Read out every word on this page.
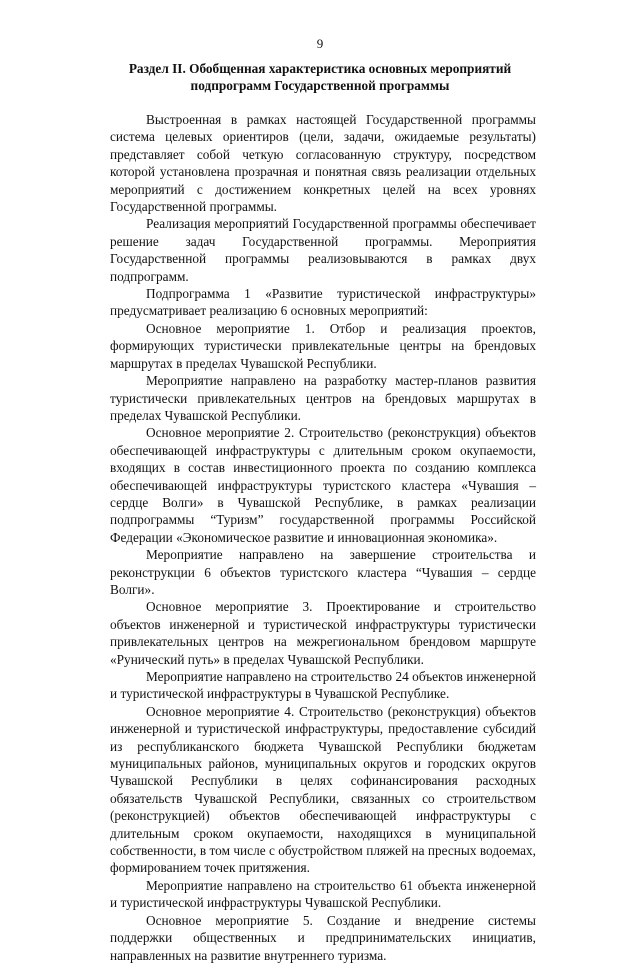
9
Раздел II. Обобщенная характеристика основных мероприятий
подпрограмм Государственной программы

Выстроенная в рамках настоящей Государственной программы система целевых ориентиров (цели, задачи, ожидаемые результаты) представляет собой четкую согласованную структуру, посредством которой установлена прозрачная и понятная связь реализации отдельных мероприятий с достижением конкретных целей на всех уровнях Государственной программы.

Реализация мероприятий Государственной программы обеспечивает решение задач Государственной программы. Мероприятия Государственной программы реализовываются в рамках двух подпрограмм.

Подпрограмма 1 «Развитие туристической инфраструктуры» предусматривает реализацию 6 основных мероприятий:

Основное мероприятие 1. Отбор и реализация проектов, формирующих туристически привлекательные центры на брендовых маршрутах в пределах Чувашской Республики.

Мероприятие направлено на разработку мастер-планов развития туристически привлекательных центров на брендовых маршрутах в пределах Чувашской Республики.

Основное мероприятие 2. Строительство (реконструкция) объектов обеспечивающей инфраструктуры с длительным сроком окупаемости, входящих в состав инвестиционного проекта по созданию комплекса обеспечивающей инфраструктуры туристского кластера «Чувашия – сердце Волги» в Чувашской Республике, в рамках реализации подпрограммы “Туризм” государственной программы Российской Федерации «Экономическое развитие и инновационная экономика».

Мероприятие направлено на завершение строительства и реконструкции 6 объектов туристского кластера “Чувашия – сердце Волги».

Основное мероприятие 3. Проектирование и строительство объектов инженерной и туристической инфраструктуры туристически привлекательных центров на межрегиональном брендовом маршруте «Рунический путь» в пределах Чувашской Республики.

Мероприятие направлено на строительство 24 объектов инженерной и туристической инфраструктуры в Чувашской Республике.

Основное мероприятие 4. Строительство (реконструкция) объектов инженерной и туристической инфраструктуры, предоставление субсидий из республиканского бюджета Чувашской Республики бюджетам муниципальных районов, муниципальных округов и городских округов Чувашской Республики в целях софинансирования расходных обязательств Чувашской Республики, связанных со строительством (реконструкцией) объектов обеспечивающей инфраструктуры с длительным сроком окупаемости, находящихся в муниципальной собственности, в том числе с обустройством пляжей на пресных водоемах, формированием точек притяжения.

Мероприятие направлено на строительство 61 объекта инженерной и туристической инфраструктуры Чувашской Республики.

Основное мероприятие 5. Создание и внедрение системы поддержки общественных и предпринимательских инициатив, направленных на развитие внутреннего туризма.
